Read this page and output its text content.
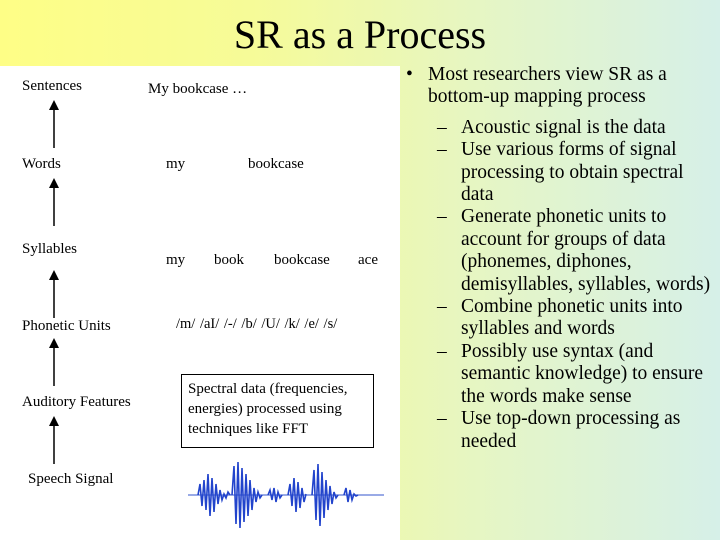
SR as a Process
Sentences	My bookcase …
Words	my	bookcase
Syllables
my book bookcase ace
Phonetic Units	/m/ /aI/ /-/ /b/ /U/ /k/ /e/ /s/
Auditory Features
Spectral data (frequencies, energies) processed using techniques like FFT
Speech Signal
• Most researchers view SR as a bottom-up mapping process
– Acoustic signal is the data
– Use various forms of signal processing to obtain spectral data
– Generate phonetic units to account for groups of data (phonemes, diphones, demisyllables, syllables, words)
– Combine phonetic units into syllables and words
– Possibly use syntax (and semantic knowledge) to ensure the words make sense
– Use top-down processing as needed
